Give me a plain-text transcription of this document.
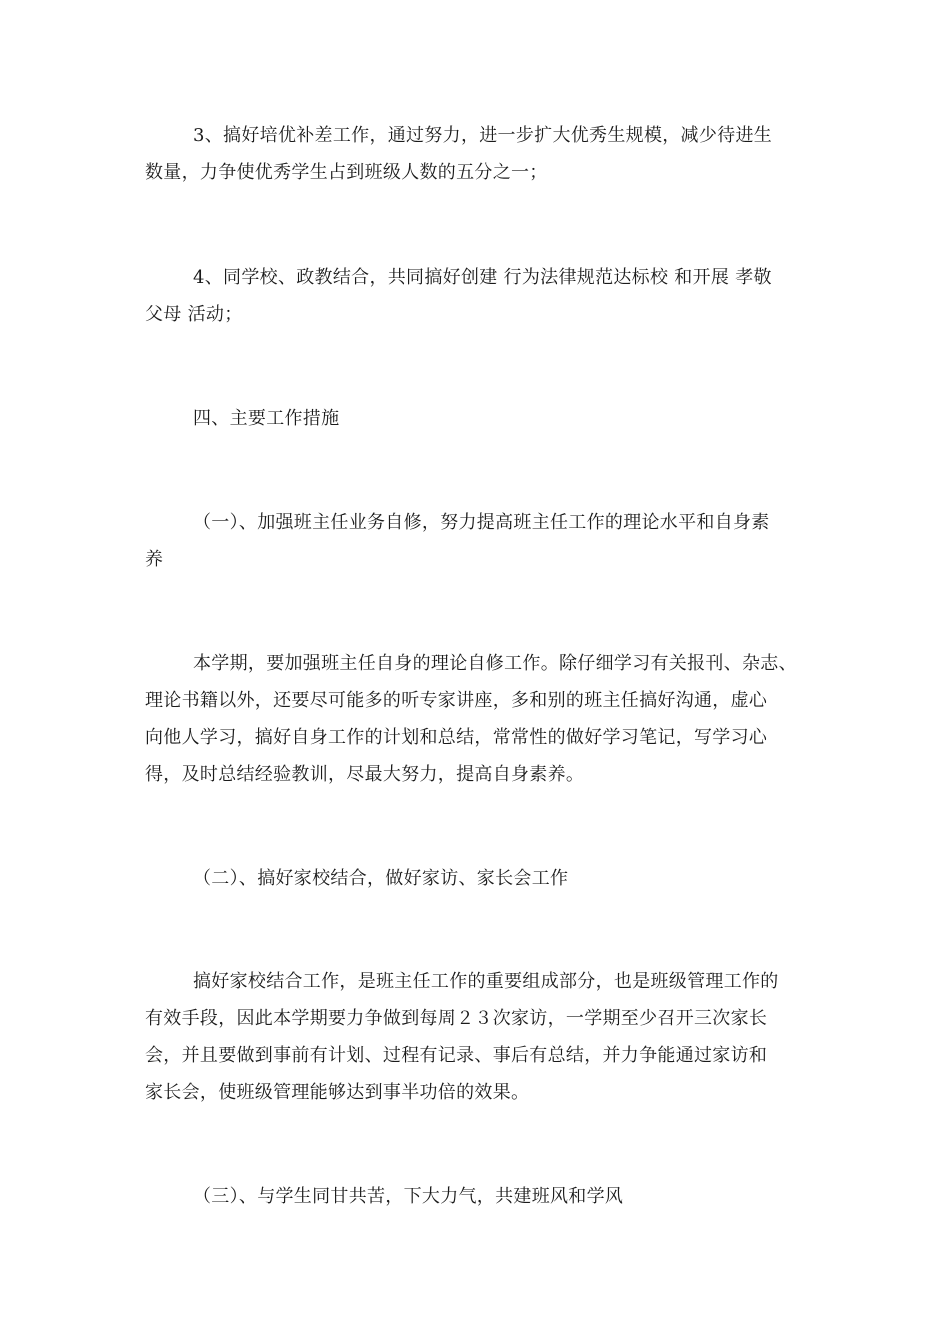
3、搞好培优补差工作，通过努力，进一步扩大优秀生规模，减少待进生
数量，力争使优秀学生占到班级人数的五分之一；
4、同学校、政教结合，共同搞好创建 行为法律规范达标校 和开展 孝敬
父母 活动；
四、主要工作措施
（一）、加强班主任业务自修，努力提高班主任工作的理论水平和自身素
养
本学期，要加强班主任自身的理论自修工作。除仔细学习有关报刊、杂志、
理论书籍以外，还要尽可能多的听专家讲座，多和别的班主任搞好沟通，虚心
向他人学习，搞好自身工作的计划和总结，常常性的做好学习笔记，写学习心
得，及时总结经验教训，尽最大努力，提高自身素养。
（二）、搞好家校结合，做好家访、家长会工作
搞好家校结合工作，是班主任工作的重要组成部分，也是班级管理工作的
有效手段，因此本学期要力争做到每周２３次家访，一学期至少召开三次家长
会，并且要做到事前有计划、过程有记录、事后有总结，并力争能通过家访和
家长会，使班级管理能够达到事半功倍的效果。
（三）、与学生同甘共苦，下大力气，共建班风和学风
